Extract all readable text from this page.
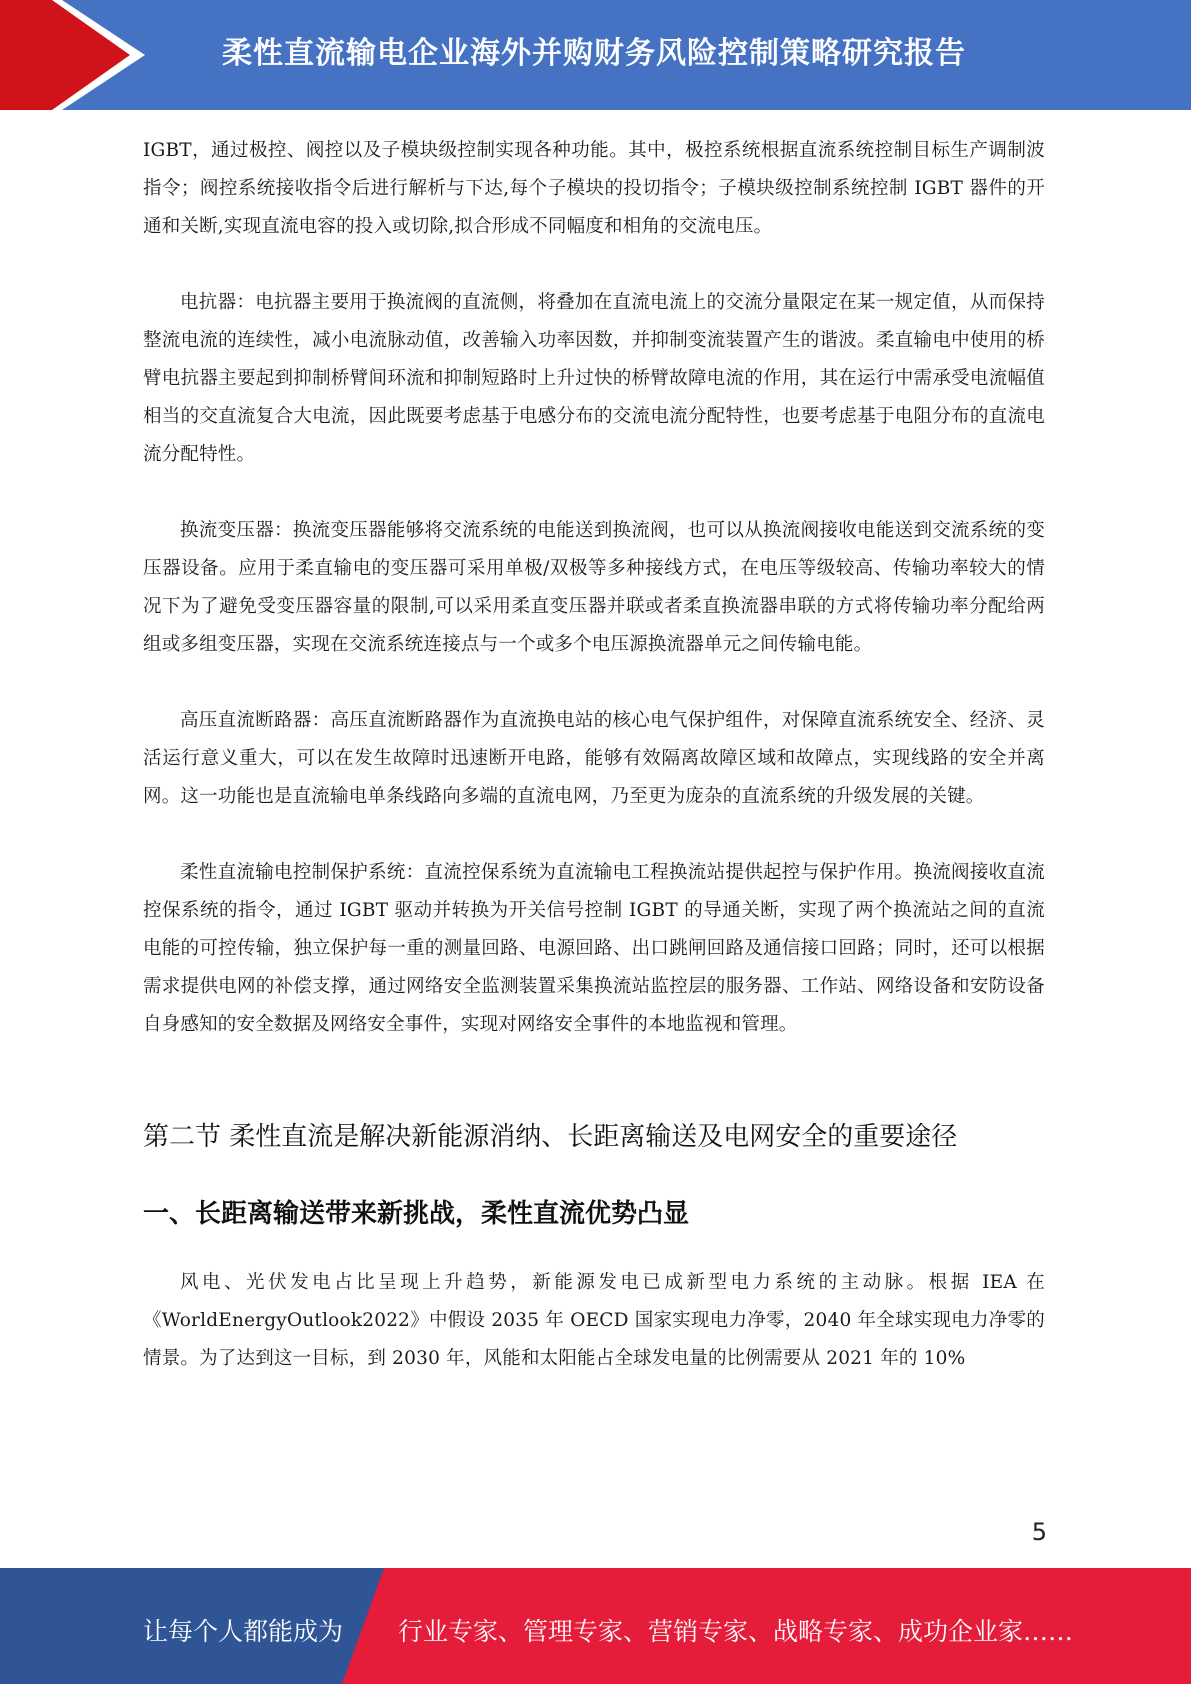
柔性直流输电企业海外并购财务风险控制策略研究报告

IGBT，通过极控、阀控以及子模块级控制实现各种功能。其中，极控系统根据直流系统控制目标生产调制波指令；阀控系统接收指令后进行解析与下达,每个子模块的投切指令；子模块级控制系统控制 IGBT 器件的开通和关断,实现直流电容的投入或切除,拟合形成不同幅度和相角的交流电压。

电抗器：电抗器主要用于换流阀的直流侧，将叠加在直流电流上的交流分量限定在某一规定值，从而保持整流电流的连续性，减小电流脉动值，改善输入功率因数，并抑制变流装置产生的谐波。柔直输电中使用的桥臂电抗器主要起到抑制桥臂间环流和抑制短路时上升过快的桥臂故障电流的作用，其在运行中需承受电流幅值相当的交直流复合大电流，因此既要考虑基于电感分布的交流电流分配特性，也要考虑基于电阻分布的直流电流分配特性。

换流变压器：换流变压器能够将交流系统的电能送到换流阀，也可以从换流阀接收电能送到交流系统的变压器设备。应用于柔直输电的变压器可采用单极/双极等多种接线方式，在电压等级较高、传输功率较大的情况下为了避免受变压器容量的限制,可以采用柔直变压器并联或者柔直换流器串联的方式将传输功率分配给两组或多组变压器，实现在交流系统连接点与一个或多个电压源换流器单元之间传输电能。

高压直流断路器：高压直流断路器作为直流换电站的核心电气保护组件，对保障直流系统安全、经济、灵活运行意义重大，可以在发生故障时迅速断开电路，能够有效隔离故障区域和故障点，实现线路的安全并离网。这一功能也是直流输电单条线路向多端的直流电网，乃至更为庞杂的直流系统的升级发展的关键。

柔性直流输电控制保护系统：直流控保系统为直流输电工程换流站提供起控与保护作用。换流阀接收直流控保系统的指令，通过 IGBT 驱动并转换为开关信号控制 IGBT 的导通关断，实现了两个换流站之间的直流电能的可控传输，独立保护每一重的测量回路、电源回路、出口跳闸回路及通信接口回路；同时，还可以根据需求提供电网的补偿支撑，通过网络安全监测装置采集换流站监控层的服务器、工作站、网络设备和安防设备自身感知的安全数据及网络安全事件，实现对网络安全事件的本地监视和管理。

第二节 柔性直流是解决新能源消纳、长距离输送及电网安全的重要途径
一、长距离输送带来新挑战，柔性直流优势凸显

风电、光伏发电占比呈现上升趋势，新能源发电已成新型电力系统的主动脉。根据 IEA 在《WorldEnergyOutlook2022》中假设 2035 年 OECD 国家实现电力净零，2040 年全球实现电力净零的情景。为了达到这一目标，到 2030 年，风能和太阳能占全球发电量的比例需要从 2021 年的 10%

5
让每个人都能成为 行业专家、管理专家、营销专家、战略专家、成功企业家……
